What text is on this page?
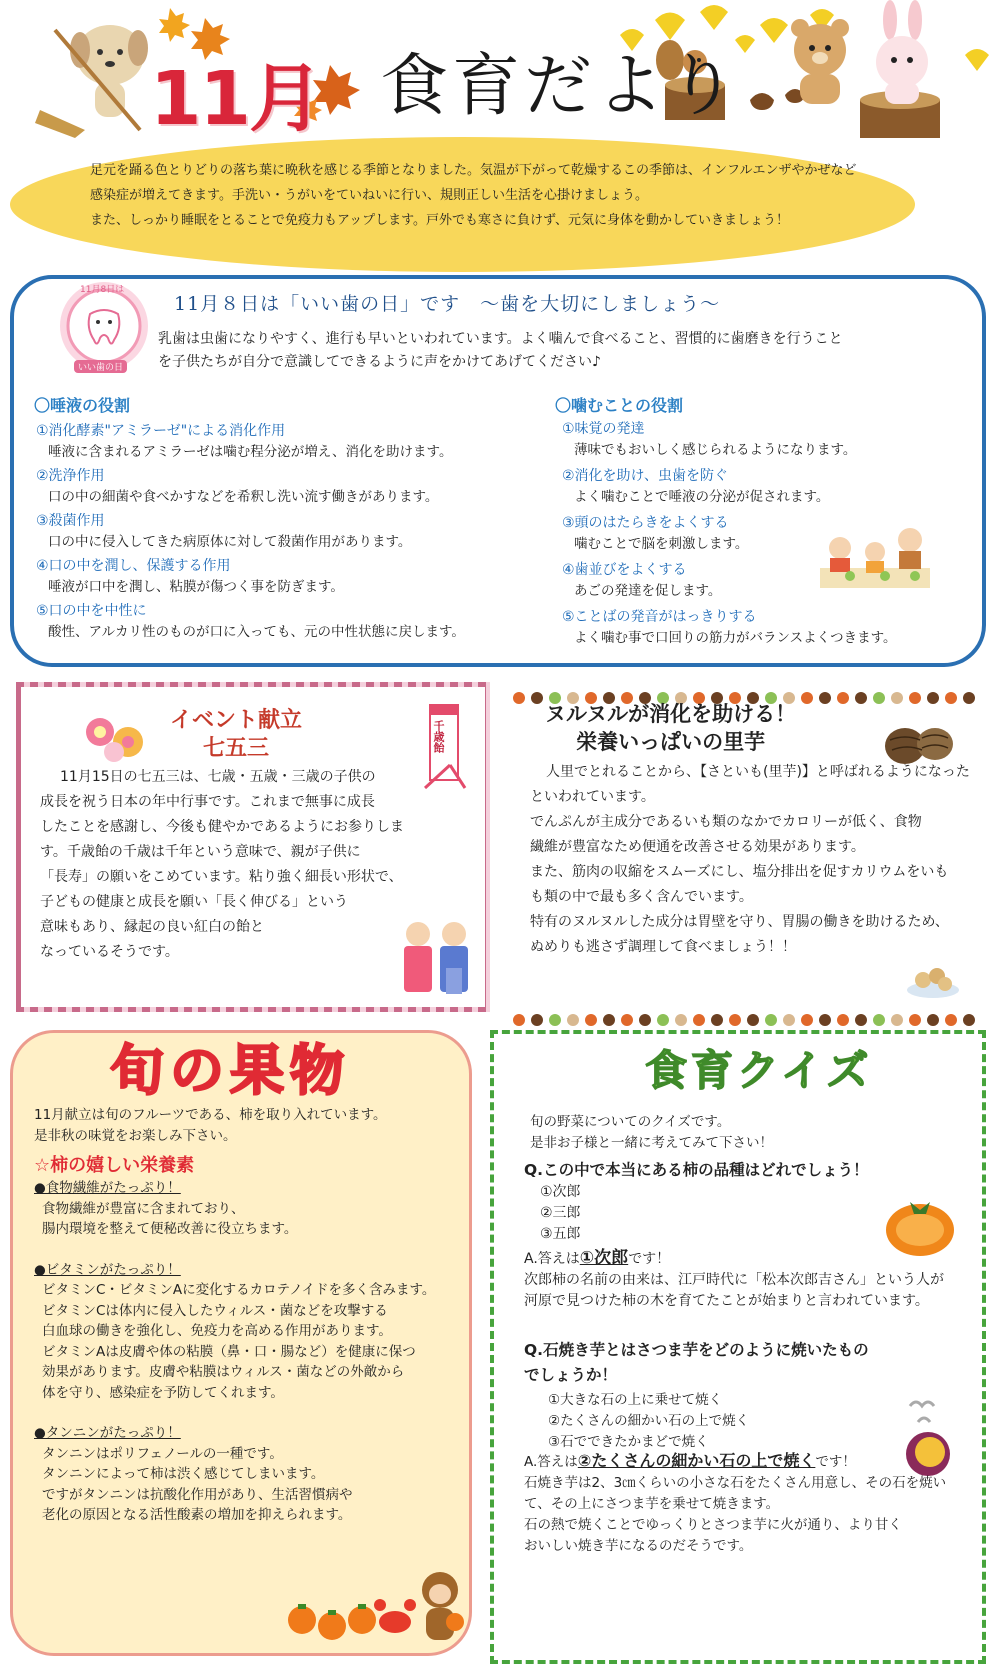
11月 食育だより
足元を踊る色とりどりの落ち葉に晩秋を感じる季節となりました。気温が下がって乾燥するこの季節は、インフルエンザやかぜなど
感染症が増えてきます。手洗い・うがいをていねいに行い、規則正しい生活を心掛けましょう。
また、しっかり睡眠をとることで免疫力もアップします。戸外でも寒さに負けず、元気に身体を動かしていきましょう！
11月8日は
いい歯の日
11月８日は「いい歯の日」です　～歯を大切にしましょう～
乳歯は虫歯になりやすく、進行も早いといわれています。よく噛んで食べること、習慣的に歯磨きを行うこと
を子供たちが自分で意識してできるように声をかけてあげてください♪
〇唾液の役割
①消化酵素"アミラーゼ"による消化作用
唾液に含まれるアミラーゼは噛む程分泌が増え、消化を助けます。
②洗浄作用
口の中の細菌や食べかすなどを希釈し洗い流す働きがあります。
③殺菌作用
口の中に侵入してきた病原体に対して殺菌作用があります。
④口の中を潤し、保護する作用
唾液が口中を潤し、粘膜が傷つく事を防ぎます。
⑤口の中を中性に
酸性、アルカリ性のものが口に入っても、元の中性状態に戻します。
〇噛むことの役割
①味覚の発達
薄味でもおいしく感じられるようになります。
②消化を助け、虫歯を防ぐ
よく噛むことで唾液の分泌が促されます。
③頭のはたらきをよくする
噛むことで脳を刺激します。
④歯並びをよくする
あごの発達を促します。
⑤ことばの発音がはっきりする
よく噛む事で口回りの筋力がバランスよくつきます。
イベント献立
七五三	千歳飴
11月15日の七五三は、七歳・五歳・三歳の子供の
成長を祝う日本の年中行事です。これまで無事に成長
したことを感謝し、今後も健やかであるようにお参りしま
す。千歳飴の千歳は千年という意味で、親が子供に
「長寿」の願いをこめています。粘り強く細長い形状で、
子どもの健康と成長を願い「長く伸びる」という
意味もあり、縁起の良い紅白の飴と
なっているそうです。
ヌルヌルが消化を助ける！
栄養いっぱいの里芋
人里でとれることから、【さといも(里芋)】と呼ばれるようになった
といわれています。
でんぷんが主成分であるいも類のなかでカロリーが低く、食物
繊維が豊富なため便通を改善させる効果があります。
また、筋肉の収縮をスムーズにし、塩分排出を促すカリウムをいも
も類の中で最も多く含んでいます。
特有のヌルヌルした成分は胃壁を守り、胃腸の働きを助けるため、
ぬめりも逃さず調理して食べましょう！！
旬の果物
11月献立は旬のフルーツである、柿を取り入れています。
是非秋の味覚をお楽しみ下さい。
☆柿の嬉しい栄養素
●食物繊維がたっぷり！
食物繊維が豊富に含まれており、
腸内環境を整えて便秘改善に役立ちます。
●ビタミンがたっぷり！
ビタミンC・ビタミンAに変化するカロテノイドを多く含みます。
ビタミンCは体内に侵入したウィルス・菌などを攻撃する
白血球の働きを強化し、免疫力を高める作用があります。
ビタミンAは皮膚や体の粘膜（鼻・口・腸など）を健康に保つ
効果があります。皮膚や粘膜はウィルス・菌などの外敵から
体を守り、感染症を予防してくれます。
●タンニンがたっぷり！
タンニンはポリフェノールの一種です。
タンニンによって柿は渋く感じてしまいます。
ですがタンニンは抗酸化作用があり、生活習慣病や
老化の原因となる活性酸素の増加を抑えられます。
食育クイズ
旬の野菜についてのクイズです。
是非お子様と一緒に考えてみて下さい！
Q.この中で本当にある柿の品種はどれでしょう！
①次郎
②三郎
③五郎
A.答えは①次郎です！
次郎柿の名前の由来は、江戸時代に「松本次郎吉さん」という人が
河原で見つけた柿の木を育てたことが始まりと言われています。
Q.石焼き芋とはさつま芋をどのように焼いたもの
でしょうか！
①大きな石の上に乗せて焼く
②たくさんの細かい石の上で焼く
③石でできたかまどで焼く
A.答えは②たくさんの細かい石の上で焼くです！
石焼き芋は2、3㎝くらいの小さな石をたくさん用意し、その石を焼い
て、その上にさつま芋を乗せて焼きます。
石の熱で焼くことでゆっくりとさつま芋に火が通り、より甘く
おいしい焼き芋になるのだそうです。
